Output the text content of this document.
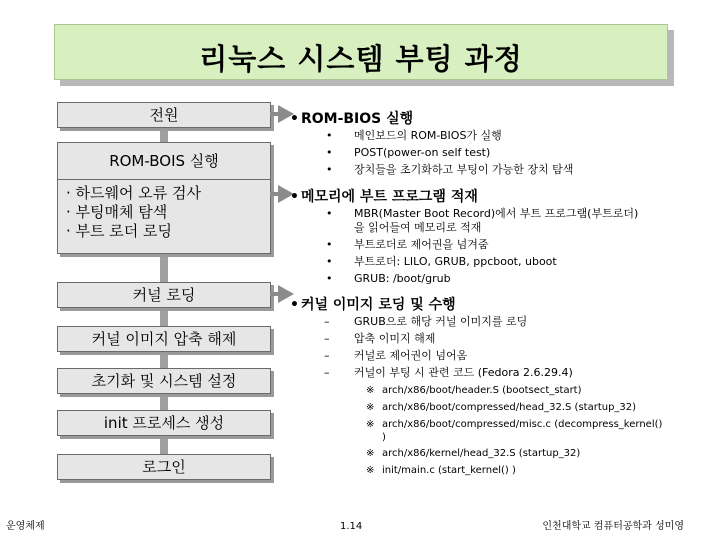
리눅스 시스템 부팅 과정
전원
ROM-BOIS 실행
· 하드웨어 오류 검사
· 부팅매체 탐색
· 부트 로더 로딩
커널 로딩
커널 이미지 압축 해제
초기화 및 시스템 설정
init 프로세스 생성
로그인
• ROM-BIOS 실행
• 메인보드의 ROM-BIOS가 실행
• POST(power-on self test)
• 장치들을 초기화하고 부팅이 가능한 장치 탐색
• 메모리에 부트 프로그램 적재
• MBR(Master Boot Record)에서 부트 프로그램(부트로더)
을 읽어들여 메모리로 적재
• 부트로더로 제어권을 넘겨줌
• 부트로더: LILO, GRUB, ppcboot, uboot
• GRUB: /boot/grub
• 커널 이미지 로딩 및 수행
– GRUB으로 해당 커널 이미지를 로딩
– 압축 이미지 해제
– 커널로 제어권이 넘어옴
– 커널이 부팅 시 관련 코드 (Fedora 2.6.29.4)
※ arch/x86/boot/header.S (bootsect_start)
※ arch/x86/boot/compressed/head_32.S (startup_32)
※ arch/x86/boot/compressed/misc.c (decompress_kernel()
)
※ arch/x86/kernel/head_32.S (startup_32)
※ init/main.c (start_kernel() )
운영체제	1.14	인천대학교 컴퓨터공학과 성미영
